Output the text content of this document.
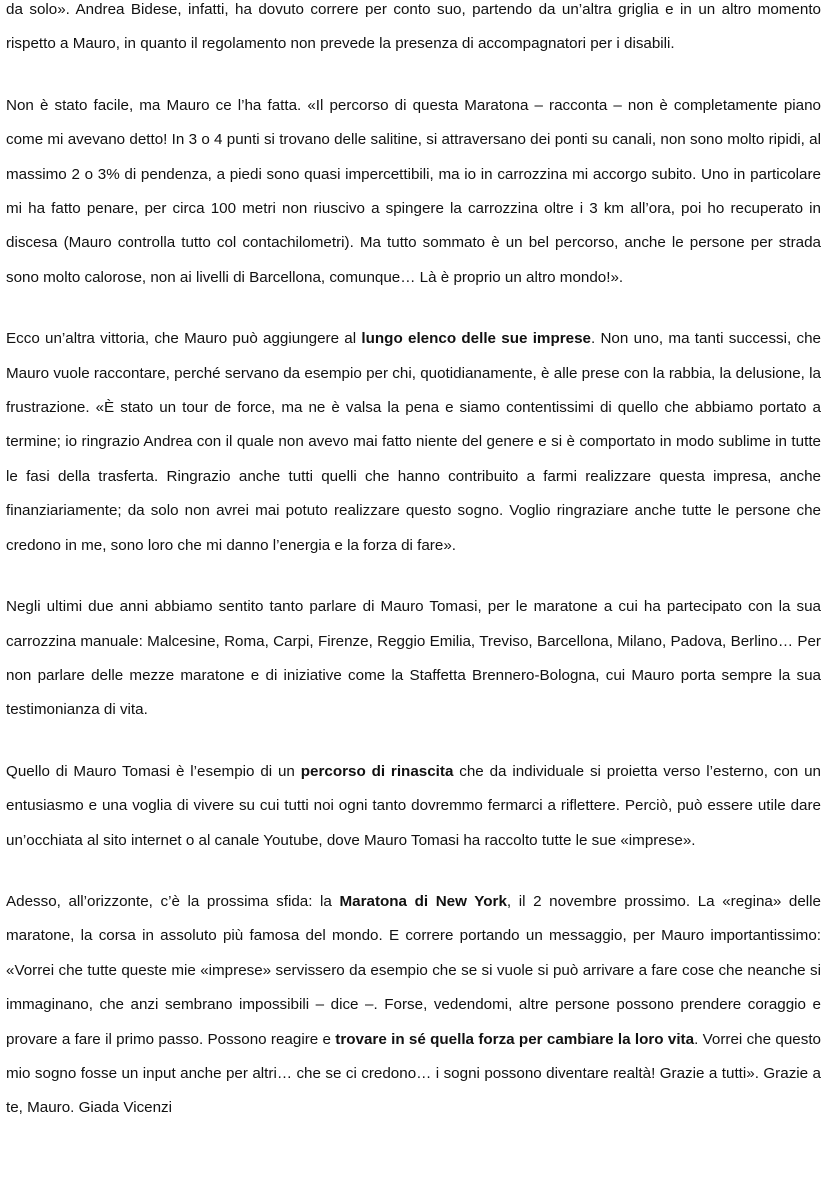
da solo». Andrea Bidese, infatti, ha dovuto correre per conto suo, partendo da un’altra griglia e in un altro momento rispetto a Mauro, in quanto il regolamento non prevede la presenza di accompagnatori per i disabili.

Non è stato facile, ma Mauro ce l’ha fatta. «Il percorso di questa Maratona – racconta – non è completamente piano come mi avevano detto! In 3 o 4 punti si trovano delle salitine, si attraversano dei ponti su canali, non sono molto ripidi, al massimo 2 o 3% di pendenza, a piedi sono quasi impercettibili, ma io in carrozzina mi accorgo subito. Uno in particolare mi ha fatto penare, per circa 100 metri non riuscivo a spingere la carrozzina oltre i 3 km all’ora, poi ho recuperato in discesa (Mauro controlla tutto col contachilometri). Ma tutto sommato è un bel percorso, anche le persone per strada sono molto calorose, non ai livelli di Barcellona, comunque… Là è proprio un altro mondo!».

Ecco un’altra vittoria, che Mauro può aggiungere al lungo elenco delle sue imprese. Non uno, ma tanti successi, che Mauro vuole raccontare, perché servano da esempio per chi, quotidianamente, è alle prese con la rabbia, la delusione, la frustrazione. «È stato un tour de force, ma ne è valsa la pena e siamo contentissimi di quello che abbiamo portato a termine; io ringrazio Andrea con il quale non avevo mai fatto niente del genere e si è comportato in modo sublime in tutte le fasi della trasferta. Ringrazio anche tutti quelli che hanno contribuito a farmi realizzare questa impresa, anche finanziariamente; da solo non avrei mai potuto realizzare questo sogno. Voglio ringraziare anche tutte le persone che credono in me, sono loro che mi danno l’energia e la forza di fare».

Negli ultimi due anni abbiamo sentito tanto parlare di Mauro Tomasi, per le maratone a cui ha partecipato con la sua carrozzina manuale: Malcesine, Roma, Carpi, Firenze, Reggio Emilia, Treviso, Barcellona, Milano, Padova, Berlino… Per non parlare delle mezze maratone e di iniziative come la Staffetta Brennero-Bologna, cui Mauro porta sempre la sua testimonianza di vita.

Quello di Mauro Tomasi è l’esempio di un percorso di rinascita che da individuale si proietta verso l’esterno, con un entusiasmo e una voglia di vivere su cui tutti noi ogni tanto dovremmo fermarci a riflettere. Perciò, può essere utile dare un’occhiata al sito internet o al canale Youtube, dove Mauro Tomasi ha raccolto tutte le sue «imprese».

Adesso, all’orizzonte, c’è la prossima sfida: la Maratona di New York, il 2 novembre prossimo. La «regina» delle maratone, la corsa in assoluto più famosa del mondo. E correre portando un messaggio, per Mauro importantissimo: «Vorrei che tutte queste mie «imprese» servissero da esempio che se si vuole si può arrivare a fare cose che neanche si immaginano, che anzi sembrano impossibili – dice –. Forse, vedendomi, altre persone possono prendere coraggio e provare a fare il primo passo. Possono reagire e trovare in sé quella forza per cambiare la loro vita. Vorrei che questo mio sogno fosse un input anche per altri… che se ci credono… i sogni possono diventare realtà! Grazie a tutti». Grazie a te, Mauro. Giada Vicenzi
